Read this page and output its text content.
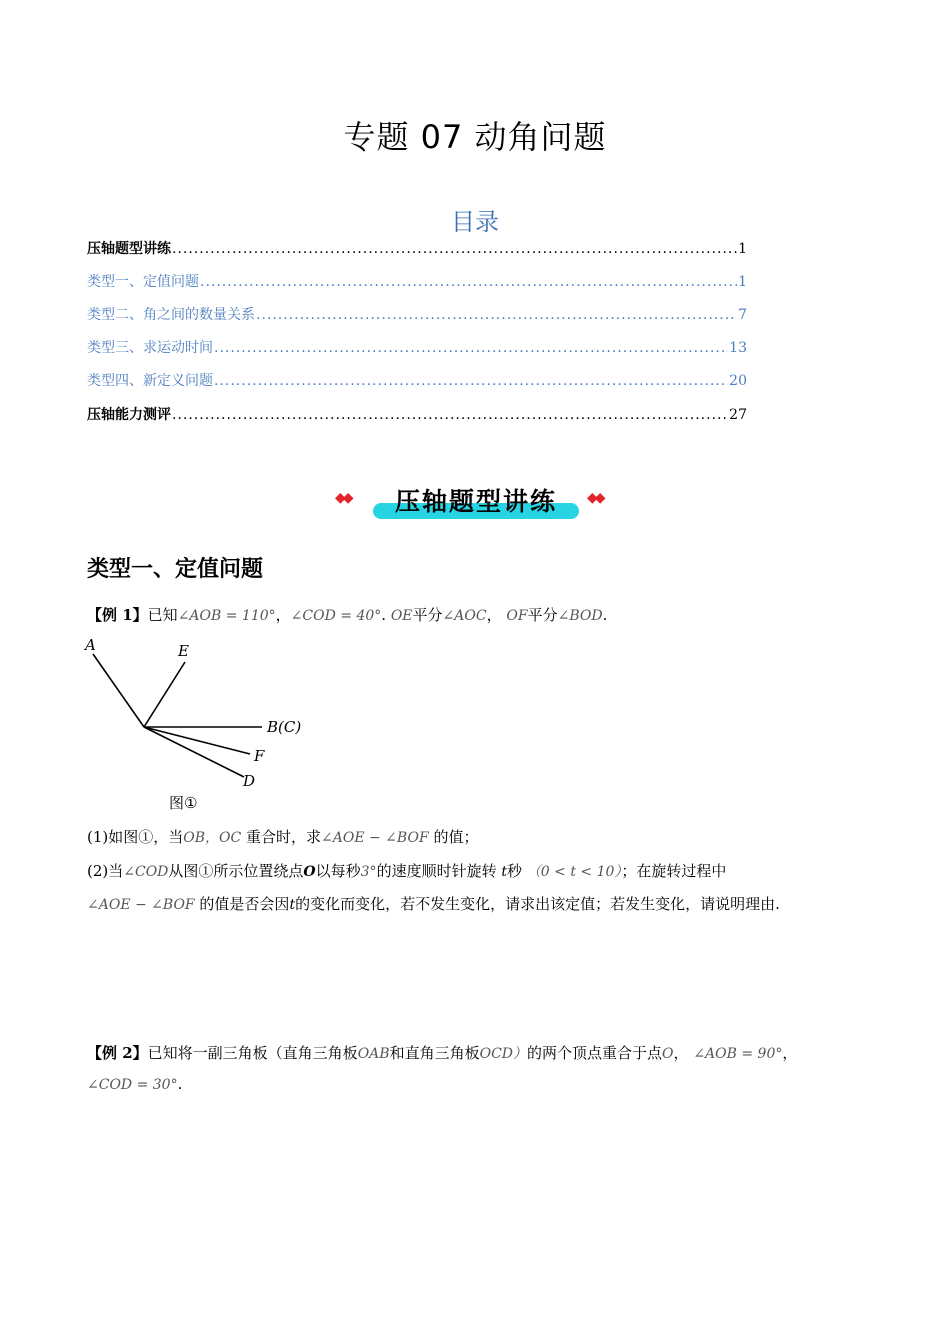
专题 07 动角问题
目录
压轴题型讲练 .....	1
类型一、定值问题 .....	1
类型二、角之间的数量关系 .....	7
类型三、求运动时间 .....	13
类型四、新定义问题 .....	20
压轴能力测评 .....	27
◆◆	压轴题型讲练	◆◆
类型一、定值问题
【例 1】已知∠AOB = 110°，∠COD = 40°. OE平分∠AOC， OF平分∠BOD.
A	E
B(C)
F
D
图①
(1)如图①，当OB，OC 重合时，求∠AOE − ∠BOF 的值；
(2)当∠COD从图①所示位置绕点O以每秒3°的速度顺时针旋转 t秒 （0 < t < 10）；在旋转过程中
∠AOE − ∠BOF 的值是否会因t的变化而变化，若不发生变化，请求出该定值；若发生变化，请说明理由.
【例 2】已知将一副三角板（直角三角板OAB和直角三角板OCD）的两个顶点重合于点O， ∠AOB = 90°，
∠COD = 30°.
